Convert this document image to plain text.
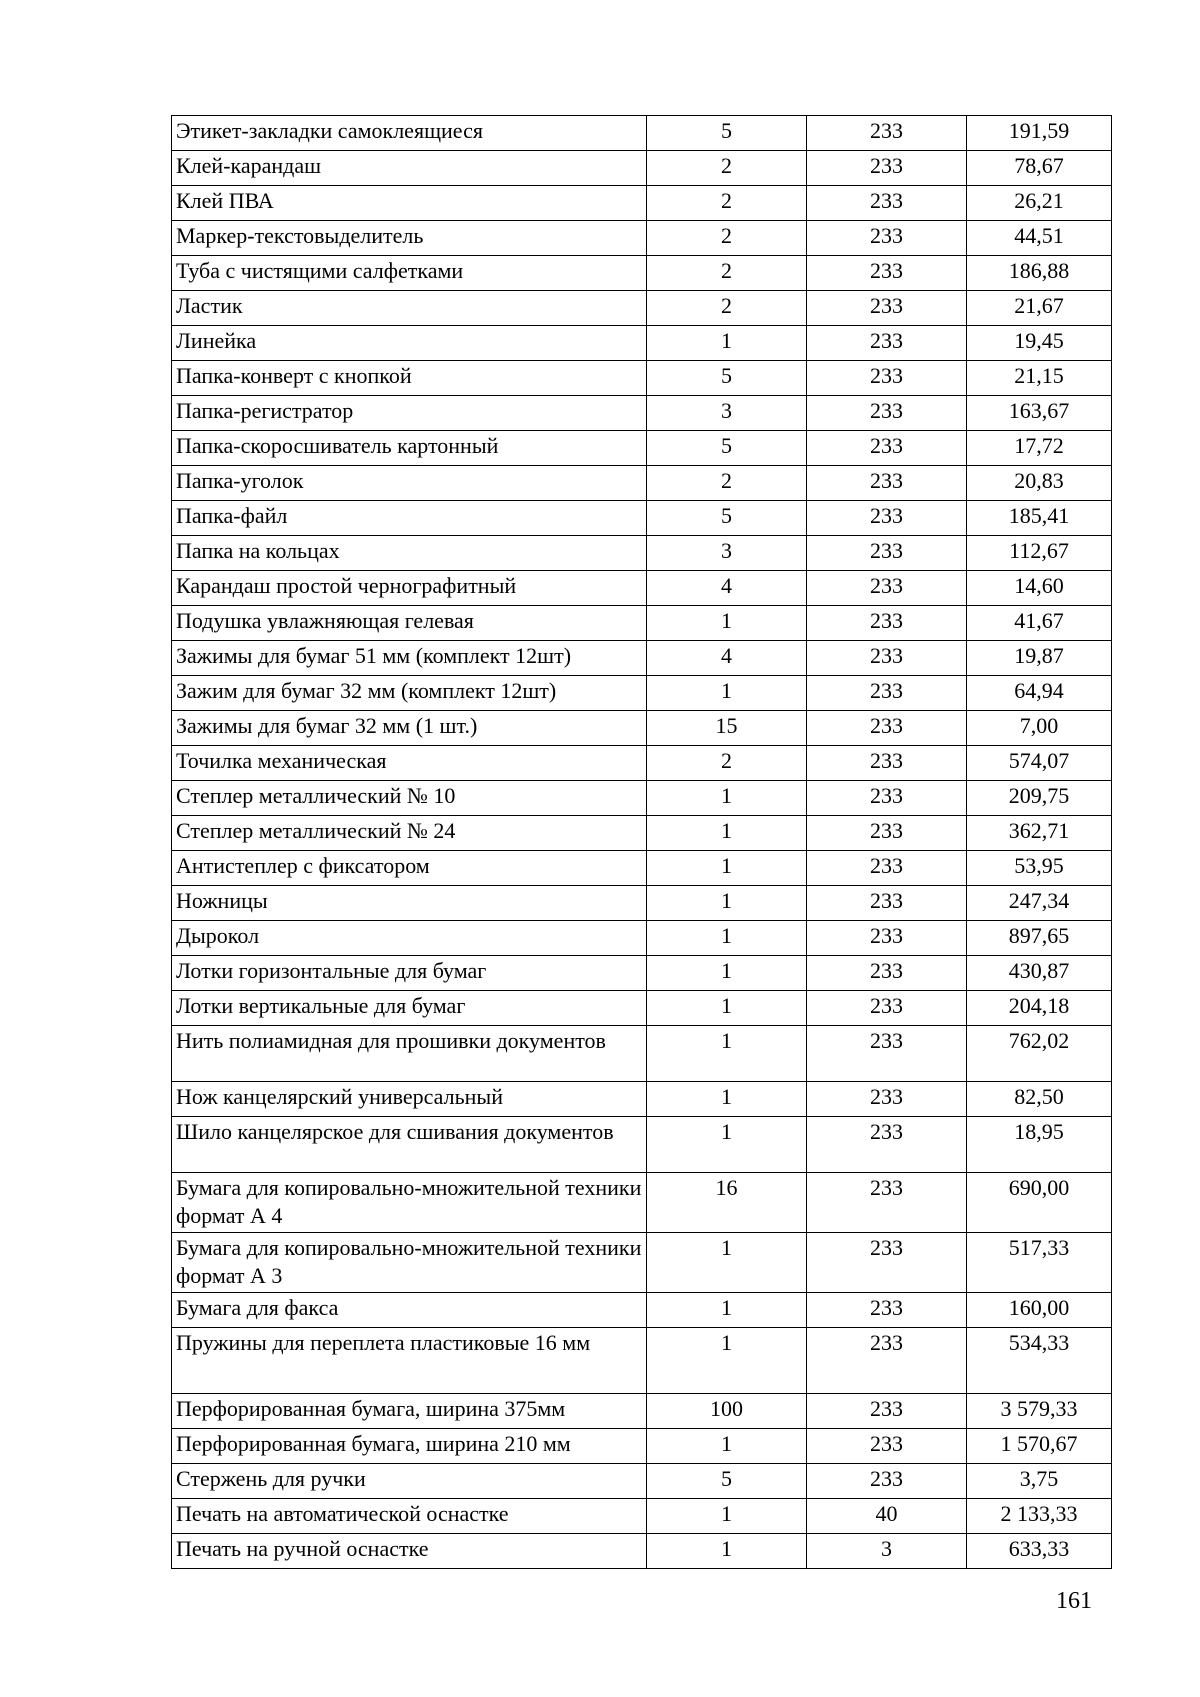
Этикет-закладки самоклеящиеся	5	233	191,59
Клей-карандаш	2	233	78,67
Клей ПВА	2	233	26,21
Маркер-текстовыделитель	2	233	44,51
Туба с чистящими салфетками	2	233	186,88
Ластик	2	233	21,67
Линейка	1	233	19,45
Папка-конверт с кнопкой	5	233	21,15
Папка-регистратор	3	233	163,67
Папка-скоросшиватель картонный	5	233	17,72
Папка-уголок	2	233	20,83
Папка-файл	5	233	185,41
Папка на кольцах	3	233	112,67
Карандаш простой чернографитный	4	233	14,60
Подушка увлажняющая гелевая	1	233	41,67
Зажимы для бумаг 51 мм (комплект 12шт)	4	233	19,87
Зажим для бумаг 32 мм (комплект 12шт)	1	233	64,94
Зажимы для бумаг 32 мм (1 шт.)	15	233	7,00
Точилка механическая	2	233	574,07
Степлер металлический № 10	1	233	209,75
Степлер металлический № 24	1	233	362,71
Антистеплер с фиксатором	1	233	53,95
Ножницы	1	233	247,34
Дырокол	1	233	897,65
Лотки горизонтальные для бумаг	1	233	430,87
Лотки вертикальные для бумаг	1	233	204,18
Нить полиамидная для прошивки документов	1	233	762,02
Нож канцелярский универсальный	1	233	82,50
Шило канцелярское для сшивания документов	1	233	18,95
Бумага для копировально-множительной техники формат А 4	16	233	690,00
Бумага для копировально-множительной техники формат А 3	1	233	517,33
Бумага для факса	1	233	160,00
Пружины для переплета пластиковые 16 мм	1	233	534,33
Перфорированная бумага, ширина 375мм	100	233	3 579,33
Перфорированная бумага, ширина 210 мм	1	233	1 570,67
Стержень для ручки	5	233	3,75
Печать на автоматической оснастке	1	40	2 133,33
Печать на ручной оснастке	1	3	633,33
161
